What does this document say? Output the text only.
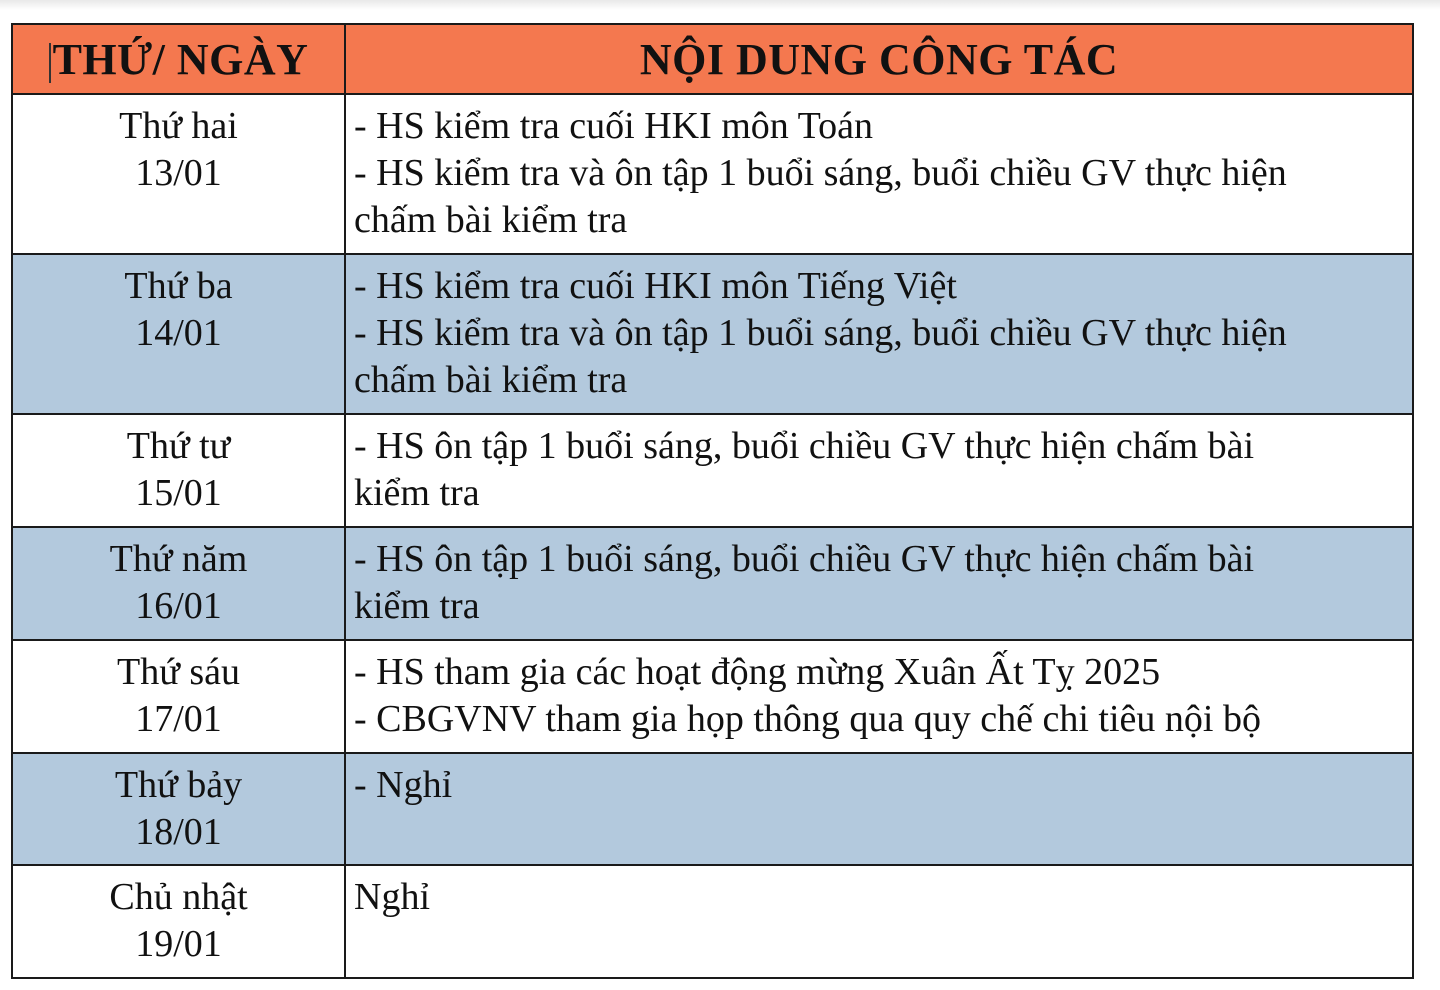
THỨ/ NGÀY	NỘI DUNG CÔNG TÁC

Thứ hai
13/01	- HS kiểm tra cuối HKI môn Toán
- HS kiểm tra và ôn tập 1 buổi sáng, buổi chiều GV thực hiện
chấm bài kiểm tra

Thứ ba
14/01	- HS kiểm tra cuối HKI môn Tiếng Việt
- HS kiểm tra và ôn tập 1 buổi sáng, buổi chiều GV thực hiện
chấm bài kiểm tra

Thứ tư
15/01	- HS ôn tập 1 buổi sáng, buổi chiều GV thực hiện chấm bài
kiểm tra

Thứ năm
16/01	- HS ôn tập 1 buổi sáng, buổi chiều GV thực hiện chấm bài
kiểm tra

Thứ sáu
17/01	- HS tham gia các hoạt động mừng Xuân Ất Tỵ 2025
- CBGVNV tham gia họp thông qua quy chế chi tiêu nội bộ

Thứ bảy
18/01	- Nghỉ

Chủ nhật
19/01	Nghỉ
